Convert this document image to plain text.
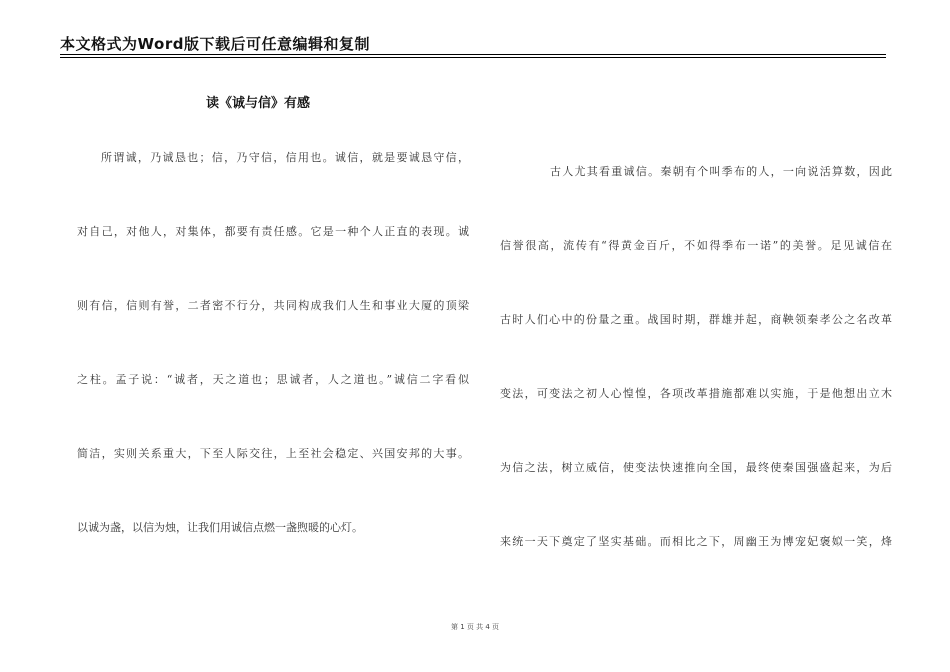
本文格式为Word版下载后可任意编辑和复制
读《诚与信》有感
所谓诚，乃诚恳也；信，乃守信，信用也。诚信，就是要诚恳守信，
对自己，对他人，对集体，都要有责任感。它是一种个人正直的表现。诚
则有信，信则有誉，二者密不行分，共同构成我们人生和事业大厦的顶梁
之柱。孟子说：“诚者，天之道也；思诚者，人之道也。”诚信二字看似
简洁，实则关系重大，下至人际交往，上至社会稳定、兴国安邦的大事。
以诚为盏，以信为烛，让我们用诚信点燃一盏煦暖的心灯。
古人尤其看重诚信。秦朝有个叫季布的人，一向说活算数，因此
信誉很高，流传有“得黄金百斤，不如得季布一诺”的美誉。足见诚信在
古时人们心中的份量之重。战国时期，群雄并起，商鞅领秦孝公之名改革
变法，可变法之初人心惶惶，各项改革措施都难以实施，于是他想出立木
为信之法，树立威信，使变法快速推向全国，最终使秦国强盛起来，为后
来统一天下奠定了坚实基础。而相比之下，周幽王为博宠妃褒姒一笑，烽
第 1 页 共 4 页
